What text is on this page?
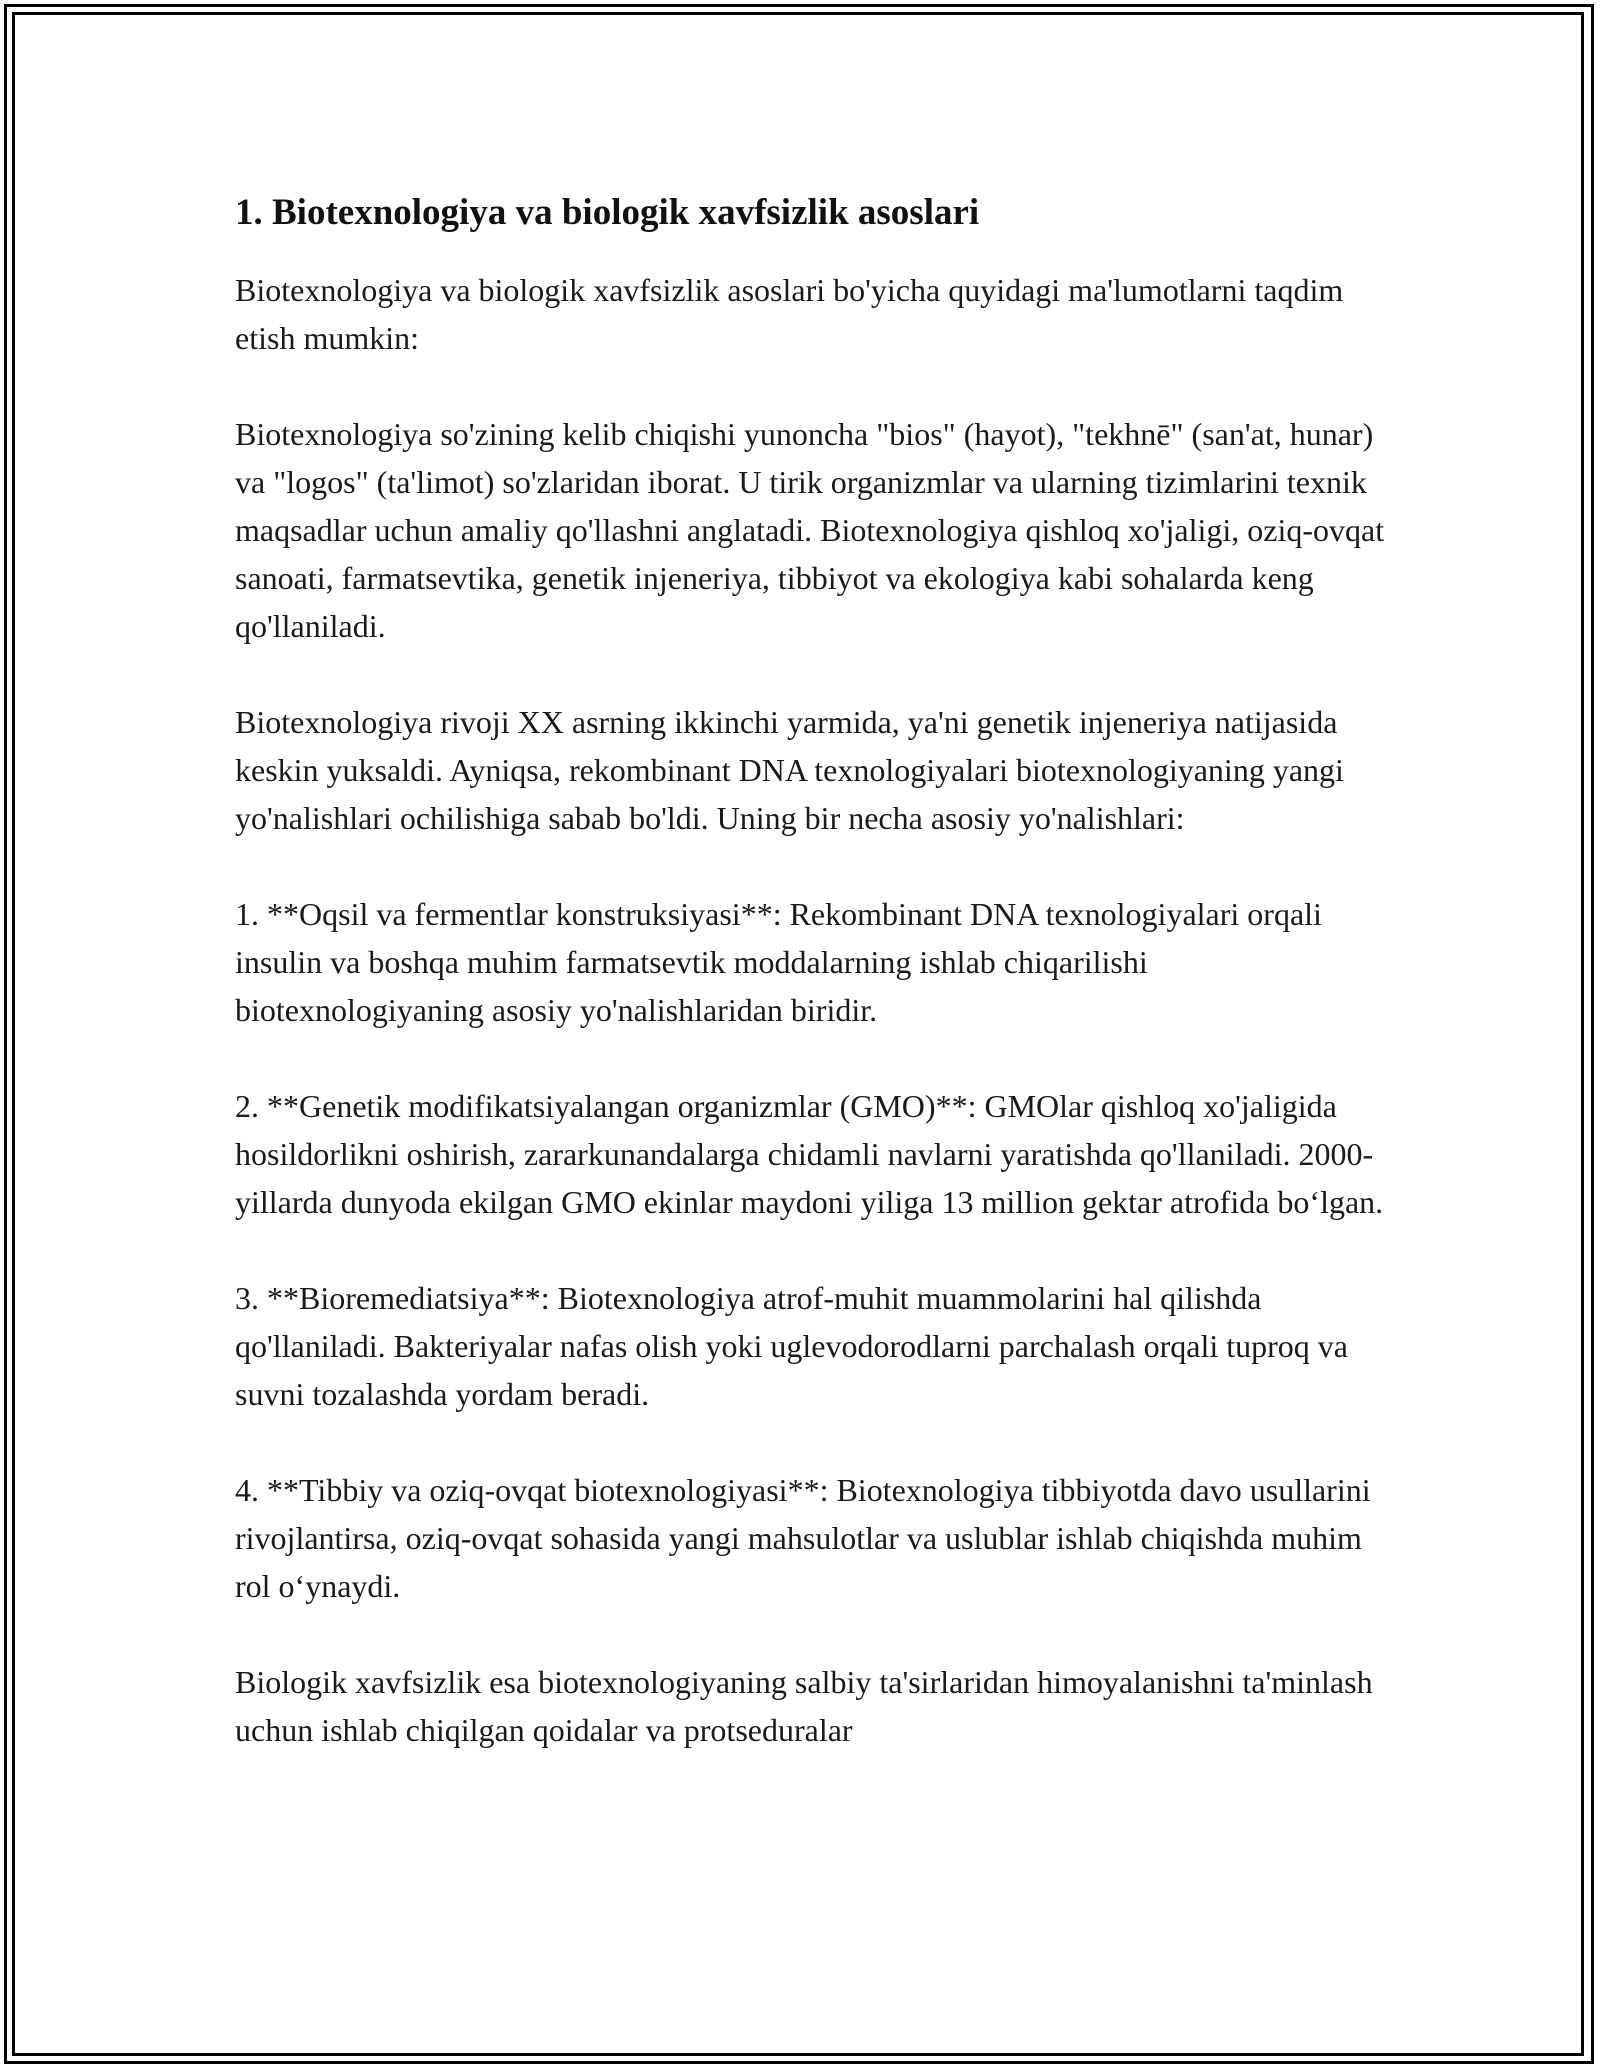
1. Biotexnologiya va biologik xavfsizlik asoslari

Biotexnologiya va biologik xavfsizlik asoslari bo'yicha quyidagi ma'lumotlarni taqdim etish mumkin:

Biotexnologiya so'zining kelib chiqishi yunoncha "bios" (hayot), "tekhnē" (san'at, hunar) va "logos" (ta'limot) so'zlaridan iborat. U tirik organizmlar va ularning tizimlarini texnik maqsadlar uchun amaliy qo'llashni anglatadi. Biotexnologiya qishloq xo'jaligi, oziq-ovqat sanoati, farmatsevtika, genetik injeneriya, tibbiyot va ekologiya kabi sohalarda keng qo'llaniladi.

Biotexnologiya rivoji XX asrning ikkinchi yarmida, ya'ni genetik injeneriya natijasida keskin yuksaldi. Ayniqsa, rekombinant DNA texnologiyalari biotexnologiyaning yangi yo'nalishlari ochilishiga sabab bo'ldi. Uning bir necha asosiy yo'nalishlari:

1. **Oqsil va fermentlar konstruksiyasi**: Rekombinant DNA texnologiyalari orqali insulin va boshqa muhim farmatsevtik moddalarning ishlab chiqarilishi biotexnologiyaning asosiy yo'nalishlaridan biridir.

2. **Genetik modifikatsiyalangan organizmlar (GMO)**: GMOlar qishloq xo'jaligida hosildorlikni oshirish, zararkunandalarga chidamli navlarni yaratishda qo'llaniladi. 2000-yillarda dunyoda ekilgan GMO ekinlar maydoni yiliga 13 million gektar atrofida bo‘lgan.

3. **Bioremediatsiya**: Biotexnologiya atrof-muhit muammolarini hal qilishda qo'llaniladi. Bakteriyalar nafas olish yoki uglevodorodlarni parchalash orqali tuproq va suvni tozalashda yordam beradi.

4. **Tibbiy va oziq-ovqat biotexnologiyasi**: Biotexnologiya tibbiyotda davo usullarini rivojlantirsa, oziq-ovqat sohasida yangi mahsulotlar va uslublar ishlab chiqishda muhim rol o‘ynaydi.

Biologik xavfsizlik esa biotexnologiyaning salbiy ta'sirlaridan himoyalanishni ta'minlash uchun ishlab chiqilgan qoidalar va protseduralar
